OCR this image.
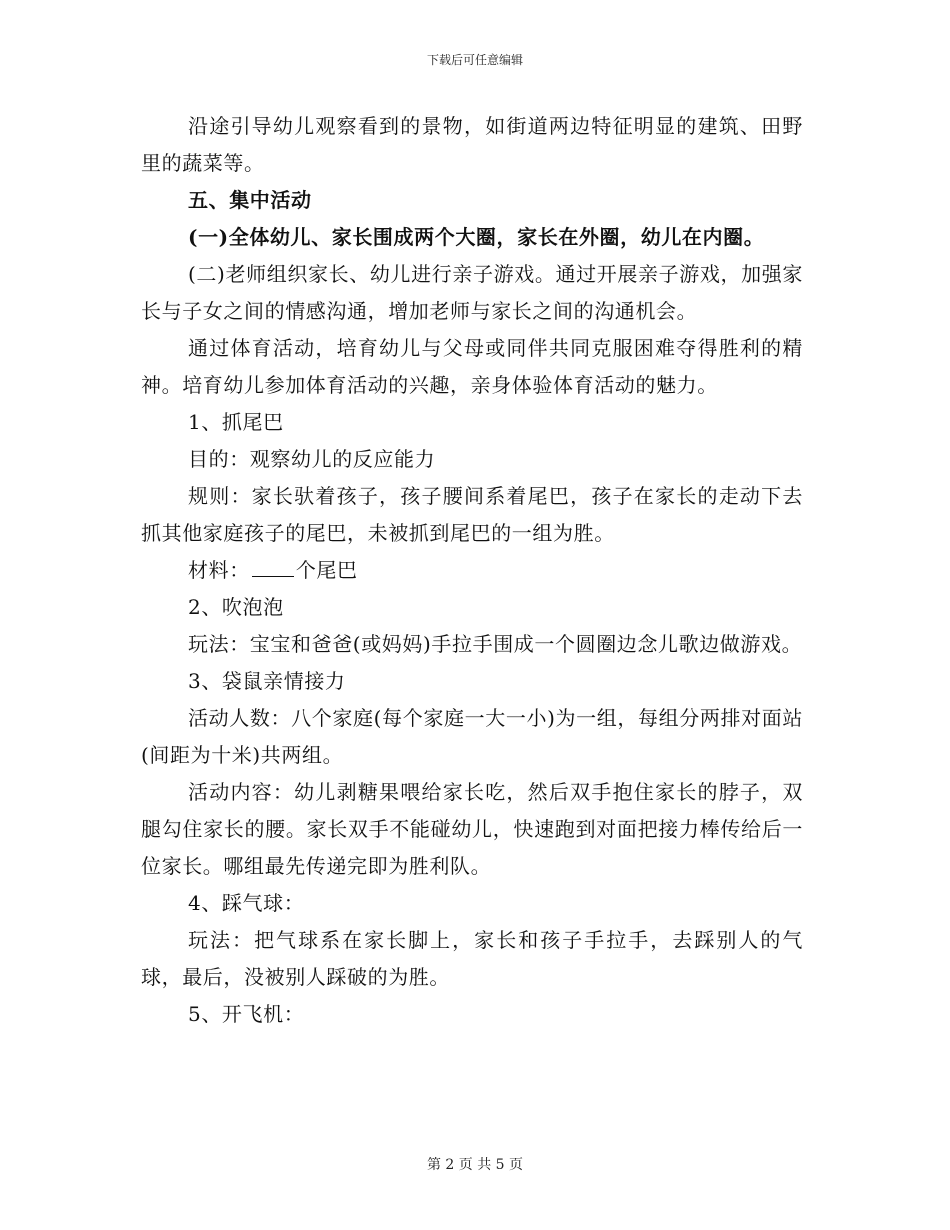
下载后可任意编辑

沿途引导幼儿观察看到的景物，如街道两边特征明显的建筑、田野里的蔬菜等。

五、集中活动

(一)全体幼儿、家长围成两个大圈，家长在外圈，幼儿在内圈。

(二)老师组织家长、幼儿进行亲子游戏。通过开展亲子游戏，加强家长与子女之间的情感沟通，增加老师与家长之间的沟通机会。

通过体育活动，培育幼儿与父母或同伴共同克服困难夺得胜利的精神。培育幼儿参加体育活动的兴趣，亲身体验体育活动的魅力。

1、抓尾巴

目的：观察幼儿的反应能力

规则：家长驮着孩子，孩子腰间系着尾巴，孩子在家长的走动下去抓其他家庭孩子的尾巴，未被抓到尾巴的一组为胜。

材料： 个尾巴

2、吹泡泡

玩法：宝宝和爸爸(或妈妈)手拉手围成一个圆圈边念儿歌边做游戏。

3、袋鼠亲情接力

活动人数：八个家庭(每个家庭一大一小)为一组，每组分两排对面站(间距为十米)共两组。

活动内容：幼儿剥糖果喂给家长吃，然后双手抱住家长的脖子，双腿勾住家长的腰。家长双手不能碰幼儿，快速跑到对面把接力棒传给后一位家长。哪组最先传递完即为胜利队。

4、踩气球：

玩法：把气球系在家长脚上，家长和孩子手拉手，去踩别人的气球，最后，没被别人踩破的为胜。

5、开飞机：

第 2 页 共 5 页
